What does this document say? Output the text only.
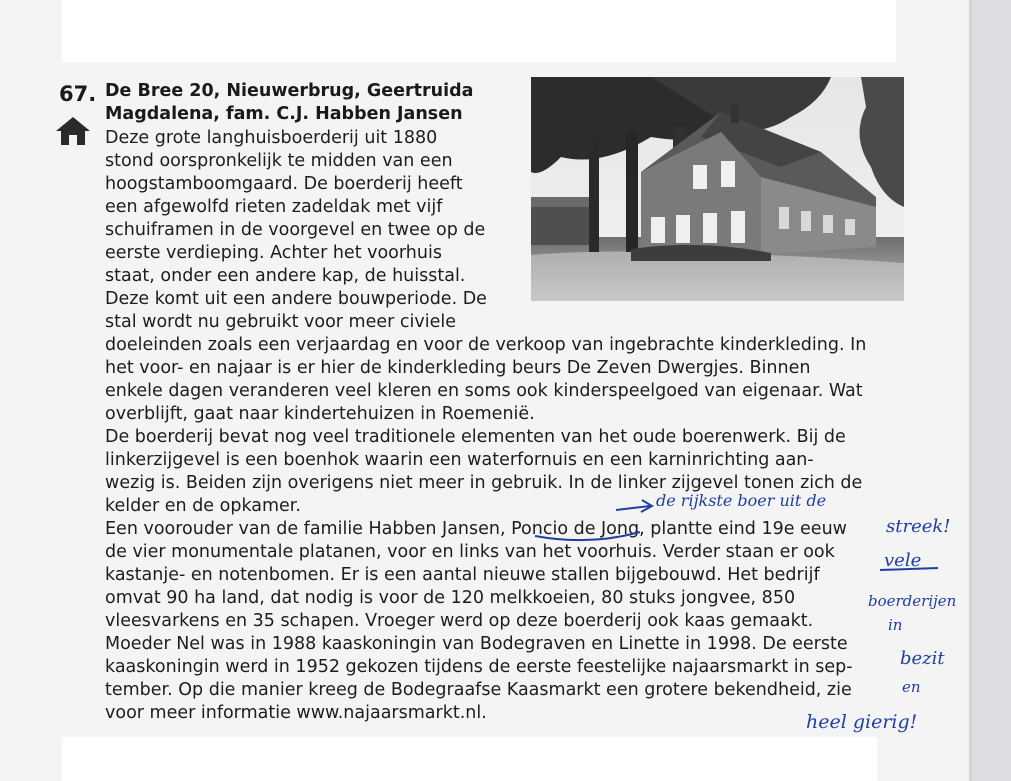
67. De Bree 20, Nieuwerbrug, Geertruida
Magdalena, fam. C.J. Habben Jansen

Deze grote langhuisboerderij uit 1880

stond oorspronkelijk te midden van een

hoogstamboomgaard. De boerderij heeft

een afgewolfd rieten zadeldak met vijf

schuiframen in de voorgevel en twee op de

eerste verdieping. Achter het voorhuis

staat, onder een andere kap, de huisstal.

Deze komt uit een andere bouwperiode. De

stal wordt nu gebruikt voor meer civiele

doeleinden zoals een verjaardag en voor de verkoop van ingebrachte kinderkleding. In

het voor- en najaar is er hier de kinderkleding beurs De Zeven Dwergjes. Binnen

enkele dagen veranderen veel kleren en soms ook kinderspeelgoed van eigenaar. Wat

overblijft, gaat naar kindertehuizen in Roemenië.

De boerderij bevat nog veel traditionele elementen van het oude boerenwerk. Bij de

linkerzijgevel is een boenhok waarin een waterfornuis en een karninrichting aan-

wezig is. Beiden zijn overigens niet meer in gebruik. In de linker zijgevel tonen zich de

kelder en de opkamer.

Een voorouder van de familie Habben Jansen, Poncio de Jong, plantte eind 19e eeuw

de vier monumentale platanen, voor en links van het voorhuis. Verder staan er ook

kastanje- en notenbomen. Er is een aantal nieuwe stallen bijgebouwd. Het bedrijf

omvat 90 ha land, dat nodig is voor de 120 melkkoeien, 80 stuks jongvee, 850

vleesvarkens en 35 schapen. Vroeger werd op deze boerderij ook kaas gemaakt.

Moeder Nel was in 1988 kaaskoningin van Bodegraven en Linette in 1998. De eerste

kaaskoningin werd in 1952 gekozen tijdens de eerste feestelijke najaarsmarkt in sep-

tember. Op die manier kreeg de Bodegraafse Kaasmarkt een grotere bekendheid, zie

voor meer informatie www.najaarsmarkt.nl.

de rijkste boer uit de
streek!
vele
boerderijen
in
bezit
en
heel gierig!
